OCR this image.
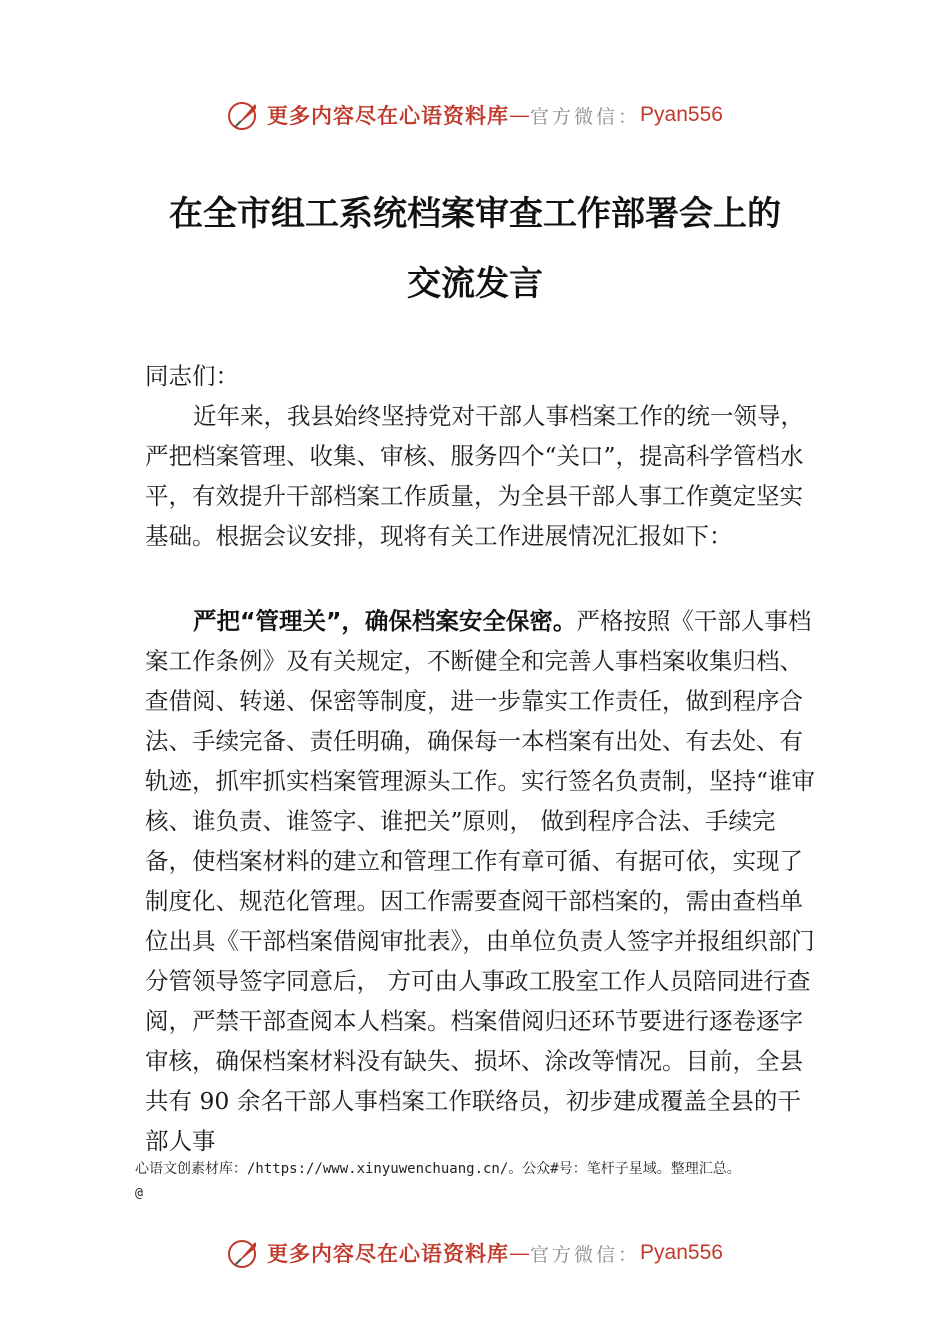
更多内容尽在心语资料库 — 官方微信： Pyan556
在全市组工系统档案审查工作部署会上的
交流发言
同志们：
近年来，我县始终坚持党对干部人事档案工作的统一领导，严把档案管理、收集、审核、服务四个“关口”，提高科学管档水平，有效提升干部档案工作质量，为全县干部人事工作奠定坚实基础。根据会议安排，现将有关工作进展情况汇报如下：
严把“管理关”，确保档案安全保密。严格按照《干部人事档案工作条例》及有关规定，不断健全和完善人事档案收集归档、查借阅、转递、保密等制度，进一步靠实工作责任，做到程序合法、手续完备、责任明确，确保每一本档案有出处、有去处、有轨迹，抓牢抓实档案管理源头工作。实行签名负责制，坚持“谁审核、谁负责、谁签字、谁把关”原则， 做到程序合法、手续完备，使档案材料的建立和管理工作有章可循、有据可依，实现了制度化、规范化管理。因工作需要查阅干部档案的，需由查档单位出具《干部档案借阅审批表》，由单位负责人签字并报组织部门分管领导签字同意后， 方可由人事政工股室工作人员陪同进行查阅，严禁干部查阅本人档案。档案借阅归还环节要进行逐卷逐字审核，确保档案材料没有缺失、损坏、涂改等情况。目前，全县共有 90 余名干部人事档案工作联络员，初步建成覆盖全县的干部人事
心语文创素材库：/https://www.xinyuwenchuang.cn/。公众#号：笔杆子星域。整理汇总。
@
更多内容尽在心语资料库 — 官方微信： Pyan556
